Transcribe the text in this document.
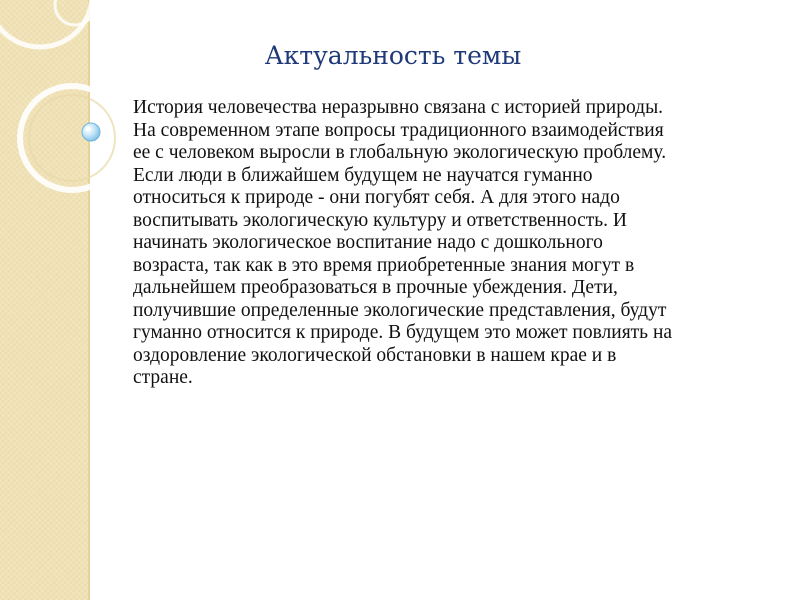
Актуальность темы

История человечества неразрывно связана с историей природы. На современном этапе вопросы традиционного взаимодействия ее с человеком выросли в глобальную экологическую проблему. Если люди в ближайшем будущем не научатся гуманно относиться к природе - они погубят себя. А для этого надо воспитывать экологическую культуру и ответственность. И начинать экологическое воспитание надо с дошкольного возраста, так как в это время приобретенные знания могут в дальнейшем преобразоваться в прочные убеждения. Дети, получившие определенные экологические представления, будут гуманно относится к природе. В будущем это может повлиять на оздоровление экологической обстановки в нашем крае и в стране.
